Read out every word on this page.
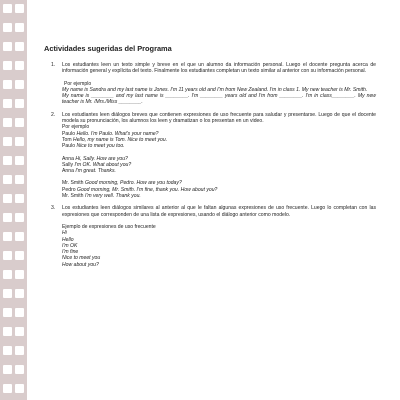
Actividades sugeridas del Programa
1. Los estudiantes leen un texto simple y breve en el que un alumno da información personal. Luego el docente pregunta acerca de información general y explícita del texto. Finalmente los estudiantes completan un texto similar al anterior con su información personal.

Por ejemplo

My name is Sandra and my last name is Jones. I'm 11 years old and I'm from New Zealand. I'm in class 1. My new teacher is Mr. Smith.

My name is ________ and my last name is ________. I'm ________ years old and I'm from ________. I'm in class________. My new teacher is Mr. /Mrs./Miss ________.

2. Los estudiantes leen diálogos breves que contienen expresiones de uso frecuente para saludar y presentarse. Luego de que el docente modela su pronunciación, los alumnos los leen y dramatizan o los presentan en un video.

Por ejemplo
Paulo Hello. I'm Paulo. What's your name?
Tom Hello, my name is Tom. Nice to meet you.
Paulo Nice to meet you too.
Anna Hi, Sally. How are you?
Sally I'm OK. What about you?
Anna I'm great. Thanks.
Mr. Smith Good morning, Pedro. How are you today?
Pedro Good morning, Mr. Smith. I'm fine, thank you. How about you?
Mr. Smith I'm very well. Thank you.
3. Los estudiantes leen diálogos similares al anterior al que le faltan algunas expresiones de uso frecuente. Luego lo completan con las expresiones que corresponden de una lista de expresiones, usando el diálogo anterior como modelo.

Ejemplo de expresiones de uso frecuente
Hi
Hello
I'm OK
I'm fine
Nice to meet you
How about you?
